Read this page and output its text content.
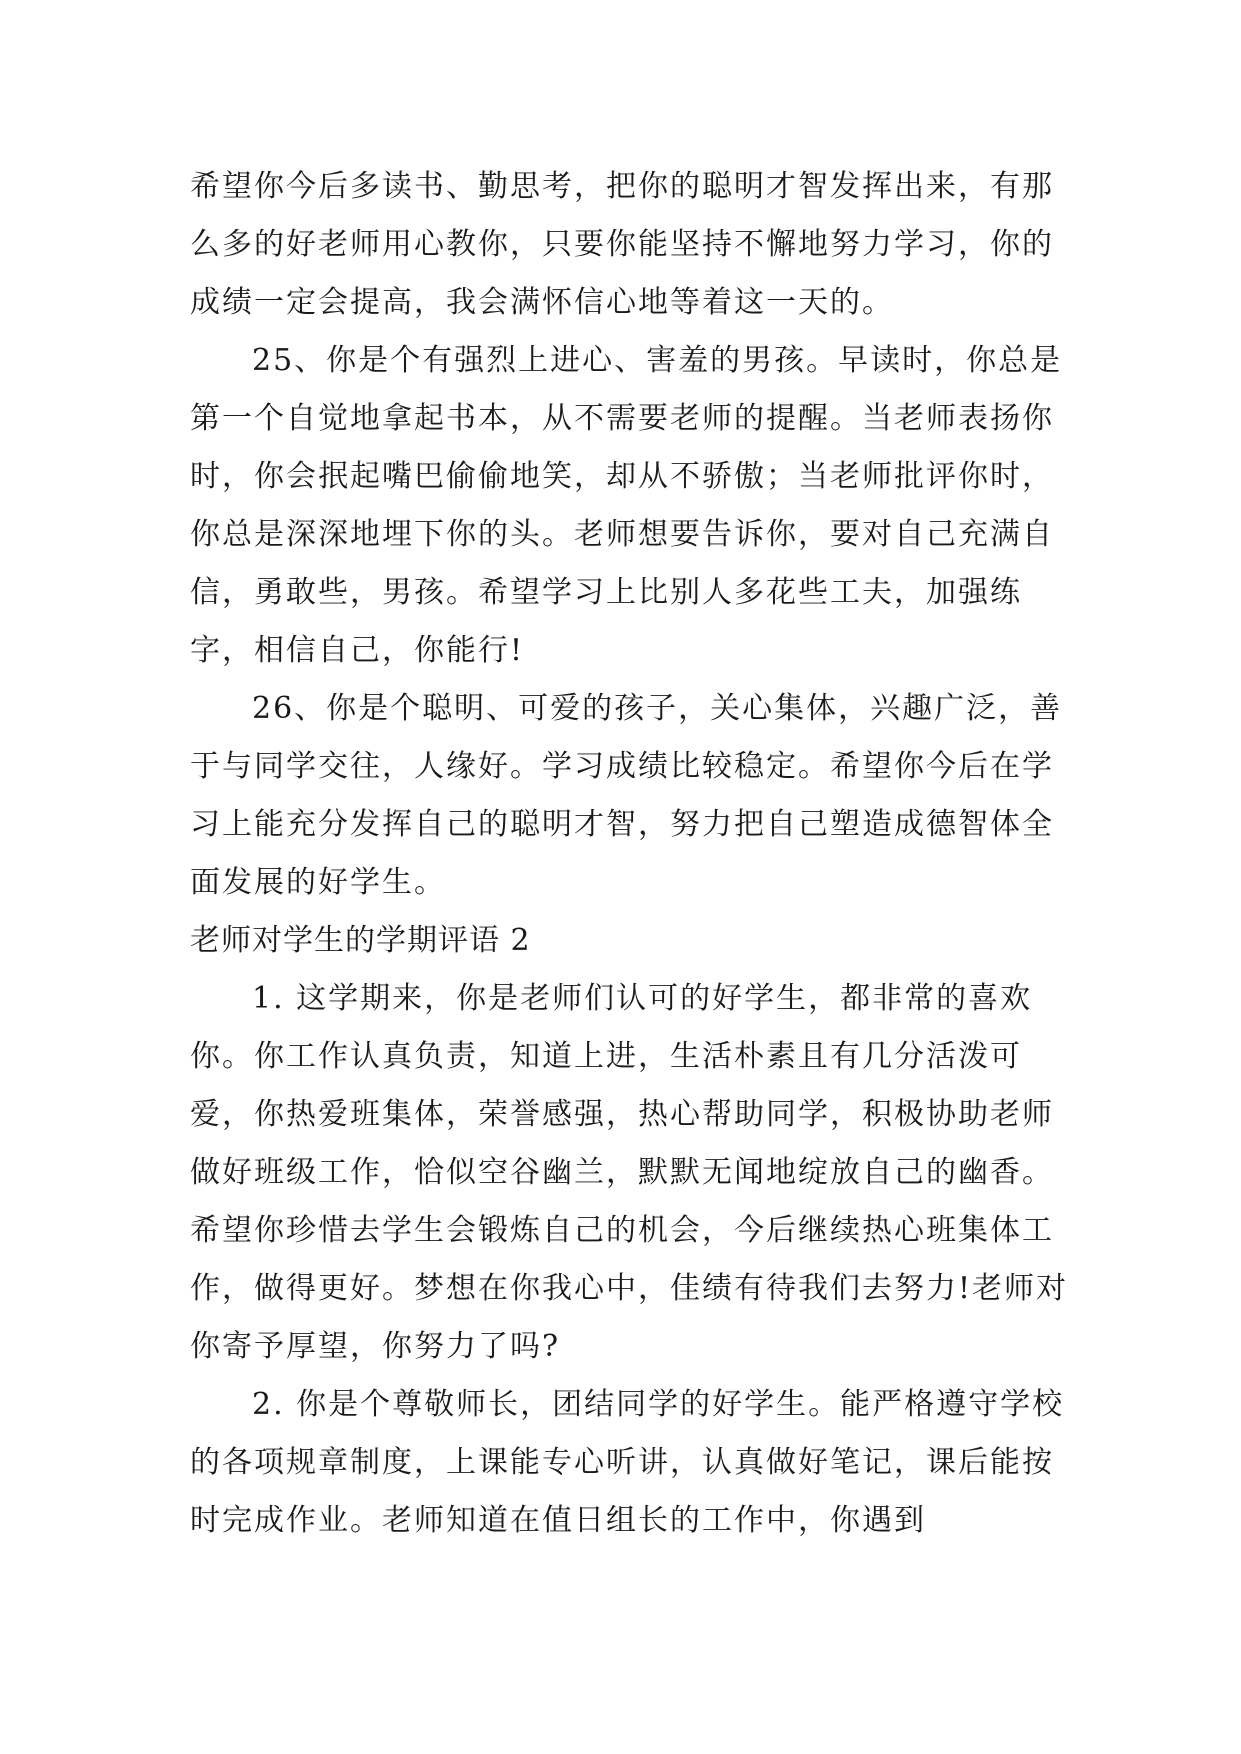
希望你今后多读书、勤思考，把你的聪明才智发挥出来，有那么多的好老师用心教你，只要你能坚持不懈地努力学习，你的成绩一定会提高，我会满怀信心地等着这一天的。

25、你是个有强烈上进心、害羞的男孩。早读时，你总是第一个自觉地拿起书本，从不需要老师的提醒。当老师表扬你时，你会抿起嘴巴偷偷地笑，却从不骄傲；当老师批评你时，你总是深深地埋下你的头。老师想要告诉你，要对自己充满自信，勇敢些，男孩。希望学习上比别人多花些工夫，加强练字，相信自己，你能行!

26、你是个聪明、可爱的孩子，关心集体，兴趣广泛，善于与同学交往，人缘好。学习成绩比较稳定。希望你今后在学习上能充分发挥自己的聪明才智，努力把自己塑造成德智体全面发展的好学生。

老师对学生的学期评语 2

1. 这学期来，你是老师们认可的好学生，都非常的喜欢你。你工作认真负责，知道上进，生活朴素且有几分活泼可爱，你热爱班集体，荣誉感强，热心帮助同学，积极协助老师做好班级工作，恰似空谷幽兰，默默无闻地绽放自己的幽香。希望你珍惜去学生会锻炼自己的机会，今后继续热心班集体工作，做得更好。梦想在你我心中，佳绩有待我们去努力!老师对你寄予厚望，你努力了吗?

2. 你是个尊敬师长，团结同学的好学生。能严格遵守学校的各项规章制度，上课能专心听讲，认真做好笔记，课后能按时完成作业。老师知道在值日组长的工作中，你遇到
